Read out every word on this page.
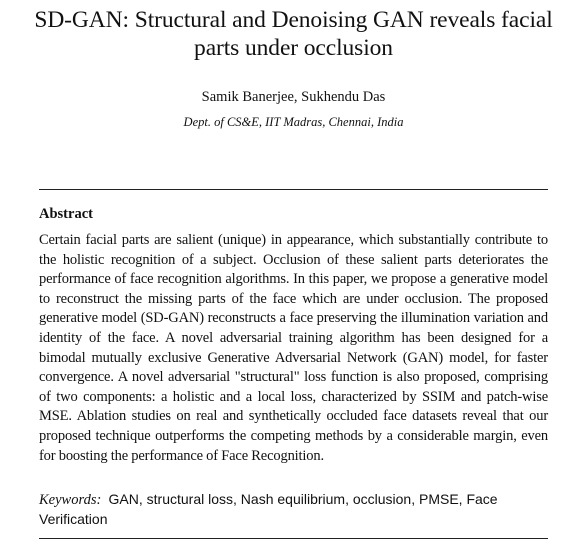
SD-GAN: Structural and Denoising GAN reveals facial parts under occlusion
Samik Banerjee, Sukhendu Das
Dept. of CS&E, IIT Madras, Chennai, India
Abstract

Certain facial parts are salient (unique) in appearance, which substantially contribute to the holistic recognition of a subject. Occlusion of these salient parts deteriorates the performance of face recognition algorithms. In this paper, we propose a generative model to reconstruct the missing parts of the face which are under occlusion. The proposed generative model (SD-GAN) reconstructs a face preserving the illumination variation and identity of the face. A novel adversarial training algorithm has been designed for a bimodal mutually exclusive Generative Adversarial Network (GAN) model, for faster convergence. A novel adversarial "structural" loss function is also proposed, comprising of two components: a holistic and a local loss, characterized by SSIM and patch-wise MSE. Ablation studies on real and synthetically occluded face datasets reveal that our proposed technique outperforms the competing methods by a considerable margin, even for boosting the performance of Face Recognition.

Keywords: GAN, structural loss, Nash equilibrium, occlusion, PMSE, Face Verification
